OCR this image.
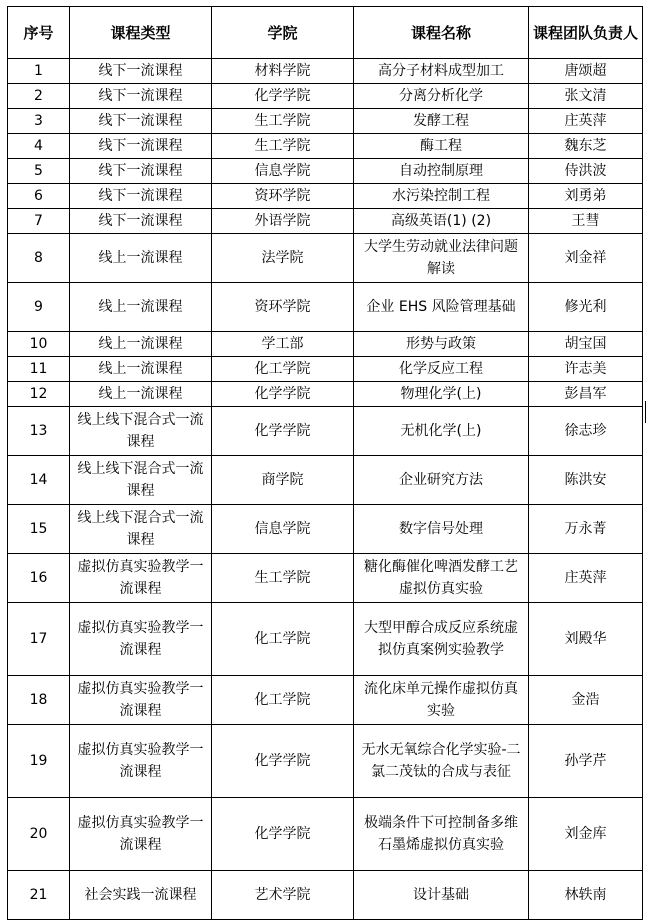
序号	课程类型	学院	课程名称	课程团队负责人

1	线下一流课程	材料学院	高分子材料成型加工	唐颂超

2	线下一流课程	化学学院	分离分析化学	张文清

3	线下一流课程	生工学院	发酵工程	庄英萍

4	线下一流课程	生工学院	酶工程	魏东芝

5	线下一流课程	信息学院	自动控制原理	侍洪波

6	线下一流课程	资环学院	水污染控制工程	刘勇弟

7	线下一流课程	外语学院	高级英语(1) (2)	王彗

8	线上一流课程	法学院	大学生劳动就业法律问题解读	刘金祥

9	线上一流课程	资环学院	企业 EHS 风险管理基础	修光利

10	线上一流课程	学工部	形势与政策	胡宝国

11	线上一流课程	化工学院	化学反应工程	许志美

12	线上一流课程	化学学院	物理化学(上)	彭昌军

13	线上线下混合式一流课程	化学学院	无机化学(上)	徐志珍

14	线上线下混合式一流课程	商学院	企业研究方法	陈洪安

15	线上线下混合式一流课程	信息学院	数字信号处理	万永菁

16	虚拟仿真实验教学一流课程	生工学院	糖化酶催化啤酒发酵工艺虚拟仿真实验	庄英萍

17	虚拟仿真实验教学一流课程	化工学院	大型甲醇合成反应系统虚拟仿真案例实验教学	刘殿华

18	虚拟仿真实验教学一流课程	化工学院	流化床单元操作虚拟仿真实验	金浩

19	虚拟仿真实验教学一流课程	化学学院	无水无氧综合化学实验-二氯二茂钛的合成与表征	孙学芹

20	虚拟仿真实验教学一流课程	化学学院	极端条件下可控制备多维石墨烯虚拟仿真实验	刘金库

21	社会实践一流课程	艺术学院	设计基础	林轶南
